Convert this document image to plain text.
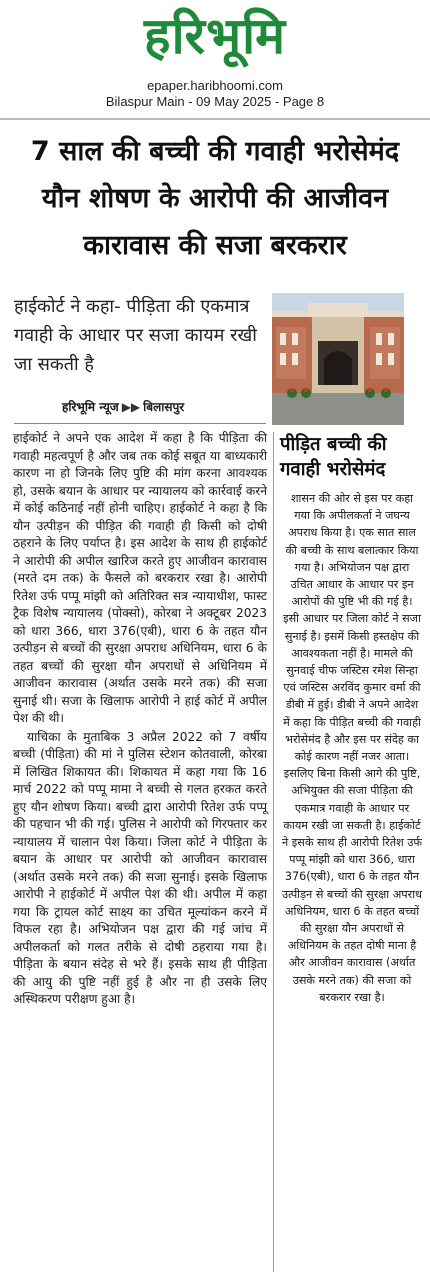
हरिभूमि
epaper.haribhoomi.com
Bilaspur Main - 09 May 2025 - Page 8
7 साल की बच्ची की गवाही भरोसेमंद यौन शोषण के आरोपी की आजीवन कारावास की सजा बरकरार
हाईकोर्ट ने कहा- पीड़िता की एकमात्र गवाही के आधार पर सजा कायम रखी जा सकती है
हरिभूमि न्यूज ▶▶ बिलासपुर

हाईकोर्ट ने अपने एक आदेश में कहा है कि पीड़िता की गवाही महत्वपूर्ण है और जब तक कोई सबूत या बाध्यकारी कारण ना हो जिनके लिए पुष्टि की मांग करना आवश्यक हो, उसके बयान के आधार पर न्यायालय को कार्रवाई करने में कोई कठिनाई नहीं होनी चाहिए। हाईकोर्ट ने कहा है कि यौन उत्पीड़न की पीड़ित की गवाही ही किसी को दोषी ठहराने के लिए पर्याप्त है। इस आदेश के साथ ही हाईकोर्ट ने आरोपी की अपील खारिज करते हुए आजीवन कारावास (मरते दम तक) के फैसले को बरकरार रखा है। आरोपी रितेश उर्फ पप्पू मांझी को अतिरिक्त सत्र न्यायाधीश, फास्ट ट्रैक विशेष न्यायालय (पोक्सो), कोरबा ने अक्टूबर 2023 को धारा 366, धारा 376(एबी), धारा 6 के तहत यौन उत्पीड़न से बच्चों की सुरक्षा अपराध अधिनियम, धारा 6 के तहत बच्चों की सुरक्षा यौन अपराधों से अधिनियम में आजीवन कारावास (अर्थात उसके मरने तक) की सजा सुनाई थी। सजा के खिलाफ आरोपी ने हाई कोर्ट में अपील पेश की थी।

याचिका के मुताबिक 3 अप्रैल 2022 को 7 वर्षीय बच्ची (पीड़िता) की मां ने पुलिस स्टेशन कोतवाली, कोरबा में लिखित शिकायत की। शिकायत में कहा गया कि 16 मार्च 2022 को पप्पू मामा ने बच्ची से गलत हरकत करते हुए यौन शोषण किया। बच्ची द्वारा आरोपी रितेश उर्फ पप्पू की पहचान भी की गई। पुलिस ने आरोपी को गिरफ्तार कर न्यायालय में चालान पेश किया। जिला कोर्ट ने पीड़िता के बयान के आधार पर आरोपी को आजीवन कारावास (अर्थात उसके मरने तक) की सजा सुनाई। इसके खिलाफ आरोपी ने हाईकोर्ट में अपील पेश की थी। अपील में कहा गया कि ट्रायल कोर्ट साक्ष्य का उचित मूल्यांकन करने में विफल रहा है। अभियोजन पक्ष द्वारा की गई जांच में अपीलकर्ता को गलत तरीके से दोषी ठहराया गया है। पीड़िता के बयान संदेह से भरे हैं। इसके साथ ही पीड़िता की आयु की पुष्टि नहीं हुई है और ना ही उसके लिए अस्थिकरण परीक्षण हुआ है।

पीड़ित बच्ची की गवाही भरोसेमंद
शासन की ओर से इस पर कहा गया कि अपीलकर्ता ने जघन्य अपराध किया है। एक सात साल की बच्ची के साथ बलात्कार किया गया है। अभियोजन पक्ष द्वारा उचित आधार के आधार पर इन आरोपों की पुष्टि भी की गई है। इसी आधार पर जिला कोर्ट ने सजा सुनाई है। इसमें किसी हस्तक्षेप की आवश्यकता नहीं है। मामले की सुनवाई चीफ जस्टिस रमेश सिन्हा एवं जस्टिस अरविंद कुमार वर्मा की डीबी में हुई। डीबी ने अपने आदेश में कहा कि पीड़ित बच्ची की गवाही भरोसेमंद है और इस पर संदेह का कोई कारण नहीं नजर आता। इसलिए बिना किसी आगे की पुष्टि, अभियुक्त की सजा पीड़िता की एकमात्र गवाही के आधार पर कायम रखी जा सकती है। हाईकोर्ट ने इसके साथ ही आरोपी रितेश उर्फ पप्पू मांझी को धारा 366, धारा 376(एबी), धारा 6 के तहत यौन उत्पीड़न से बच्चों की सुरक्षा अपराध अधिनियम, धारा 6 के तहत बच्चों की सुरक्षा यौन अपराधों से अधिनियम के तहत दोषी माना है और आजीवन कारावास (अर्थात उसके मरने तक) की सजा को बरकरार रखा है।
